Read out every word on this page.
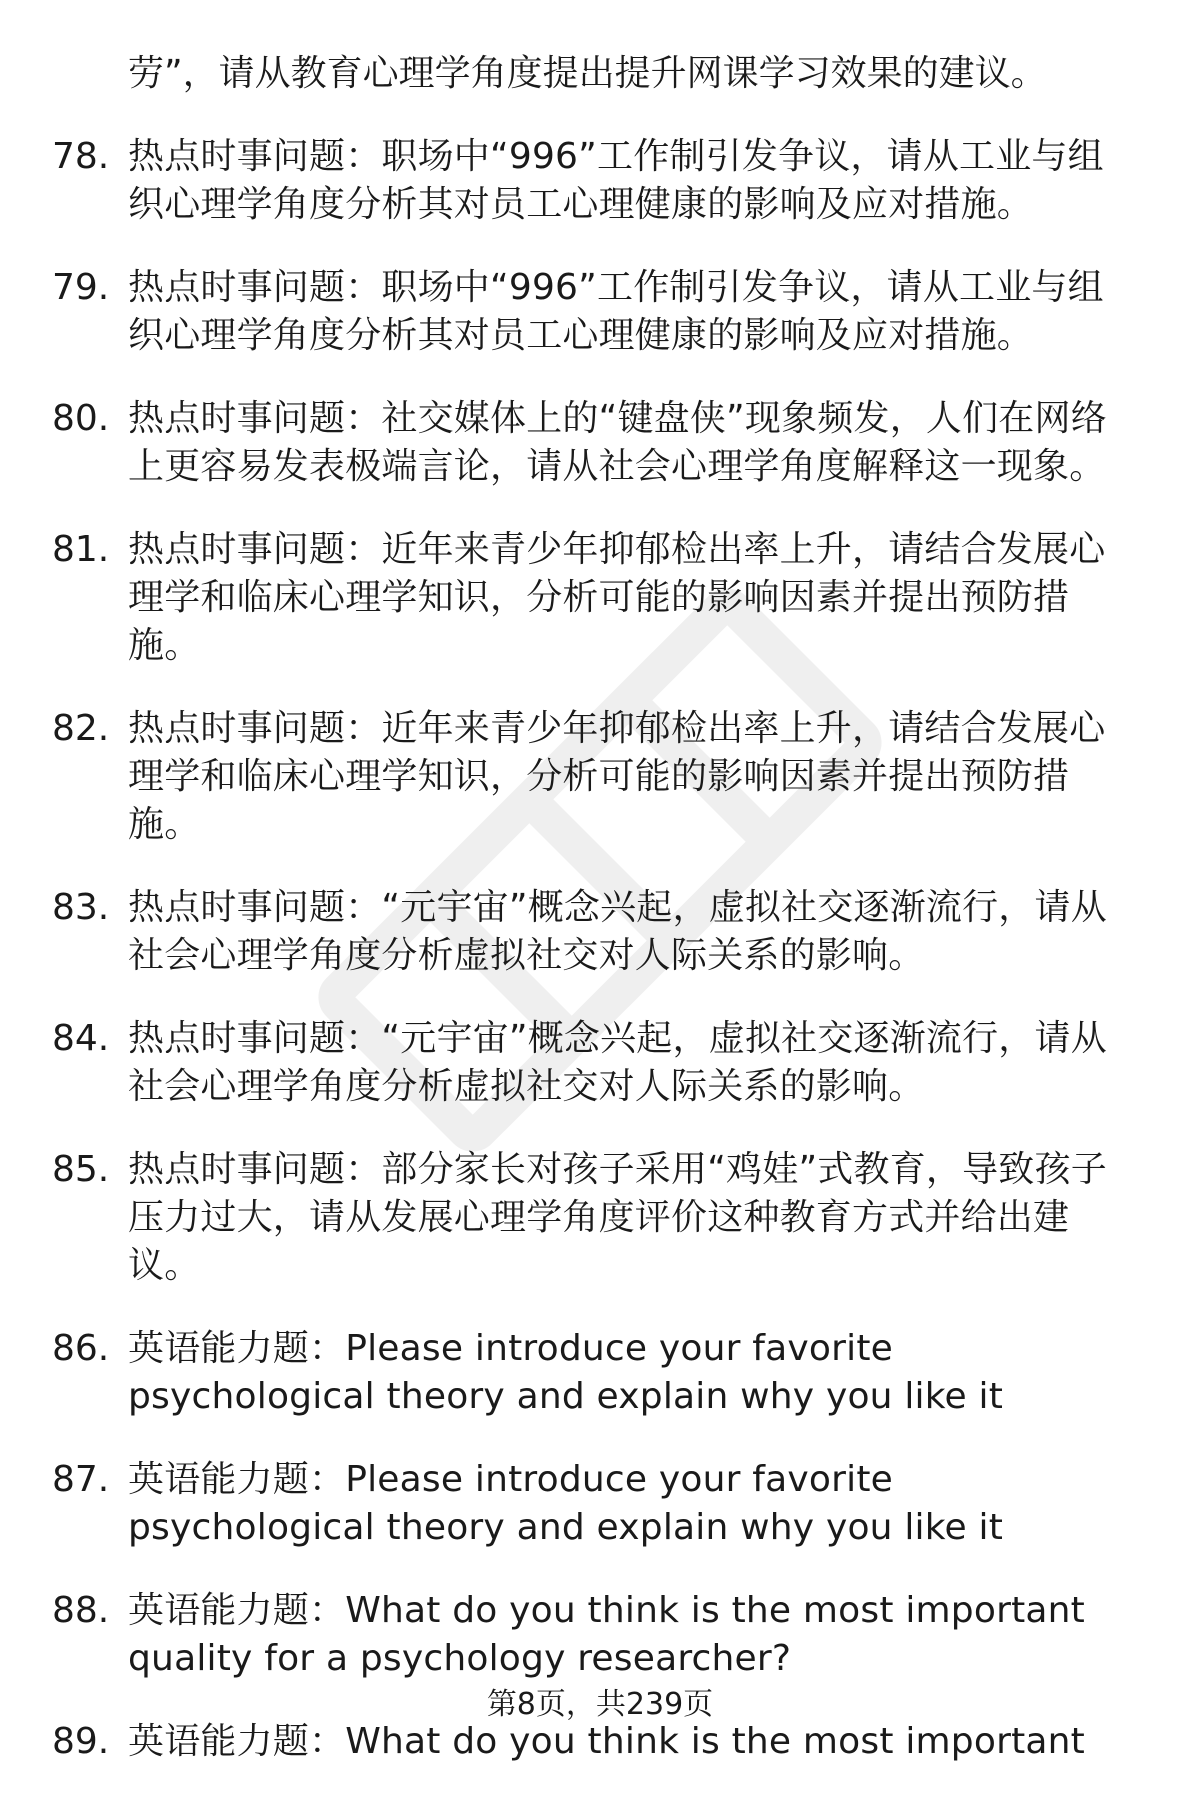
劳”，请从教育心理学角度提出提升网课学习效果的建议。
78. 热点时事问题：职场中“996”工作制引发争议，请从工业与组织心理学角度分析其对员工心理健康的影响及应对措施。
79. 热点时事问题：职场中“996”工作制引发争议，请从工业与组织心理学角度分析其对员工心理健康的影响及应对措施。
80. 热点时事问题：社交媒体上的“键盘侠”现象频发，人们在网络上更容易发表极端言论，请从社会心理学角度解释这一现象。
81. 热点时事问题：近年来青少年抑郁检出率上升，请结合发展心理学和临床心理学知识，分析可能的影响因素并提出预防措施。
82. 热点时事问题：近年来青少年抑郁检出率上升，请结合发展心理学和临床心理学知识，分析可能的影响因素并提出预防措施。
83. 热点时事问题：“元宇宙”概念兴起，虚拟社交逐渐流行，请从社会心理学角度分析虚拟社交对人际关系的影响。
84. 热点时事问题：“元宇宙”概念兴起，虚拟社交逐渐流行，请从社会心理学角度分析虚拟社交对人际关系的影响。
85. 热点时事问题：部分家长对孩子采用“鸡娃”式教育，导致孩子压力过大，请从发展心理学角度评价这种教育方式并给出建议。
86. 英语能力题：Please introduce your favorite psychological theory and explain why you like it
87. 英语能力题：Please introduce your favorite psychological theory and explain why you like it
88. 英语能力题：What do you think is the most important quality for a psychology researcher?
89. 英语能力题：What do you think is the most important
第8页，共239页
